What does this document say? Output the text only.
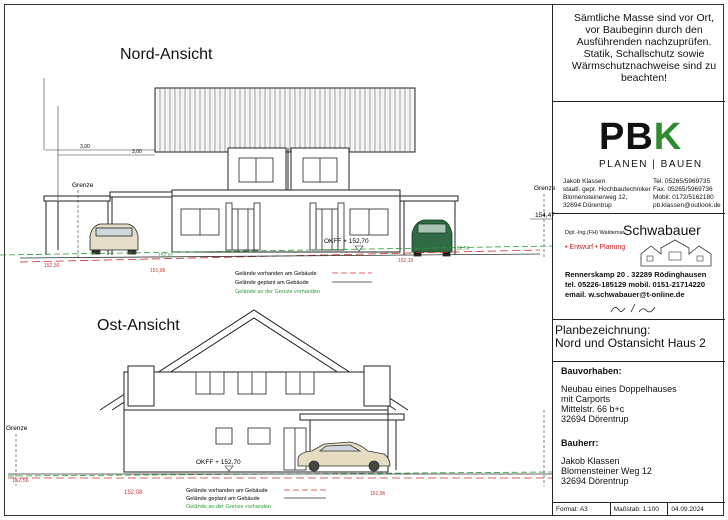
Nord-Ansicht
3,00
3,00
Grenze	Grenze
154,47
152,30
152,91
151,96
152,15
152,76
OKFF + 152,70
Gelände vorhanden am Gebäude
Gelände geplant am Gebäude
Gelände an der Grenze vorhanden
Ost-Ansicht
Grenze
152,56
152,08	151,96
OKFF + 152,70
Gelände vorhanden am Gebäude
Gelände geplant am Gebäude
Gelände an der Grenze vorhanden
Sämtliche Masse sind vor Ort, vor Baubeginn durch den Ausführenden nachzuprüfen. Statik, Schallschutz sowie Wärmschutznachweise sind zu beachten!
PBK
PLANEN | BAUEN
Jakob Klassen
staatl. gepr. Hochbautechniker
Blomensteinerweg 12,
32694 Dörentrup
Tel. 05265/5969735
Fax. 05265/5969736
Mobil: 0172/5162180
pb.klassen@outlook.de
Dipl.-Ing.(FH) Waldemar
Schwabauer
• Entwurf • Planung
Rennerskamp 20 . 32289 Rödinghausen
tel. 05226-185129 mobil. 0151-21714220
email. w.schwabauer@t-online.de
Planbezeichnung:
Nord und Ostansicht Haus 2
Bauvorhaben:
Neubau eines Doppelhauses
mit Carports
Mittelstr. 66 b+c
32694 Dörentrup
Bauherr:
Jakob Klassen
Blomensteiner Weg 12
32694 Dörentrup
Format: A3	Maßstab: 1:100	04.09.2024
